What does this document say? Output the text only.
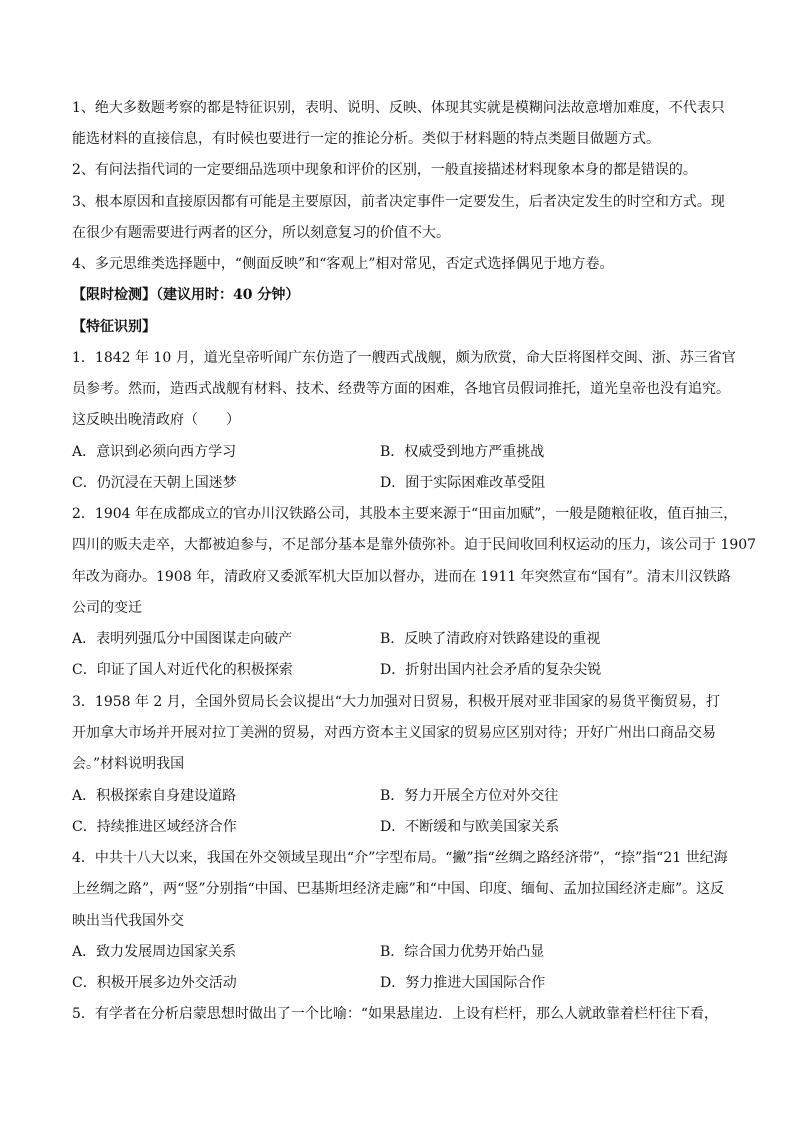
1、绝大多数题考察的都是特征识别，表明、说明、反映、体现其实就是模糊问法故意增加难度，不代表只
能选材料的直接信息，有时候也要进行一定的推论分析。类似于材料题的特点类题目做题方式。
2、有问法指代词的一定要细品选项中现象和评价的区别，一般直接描述材料现象本身的都是错误的。
3、根本原因和直接原因都有可能是主要原因，前者决定事件一定要发生，后者决定发生的时空和方式。现
在很少有题需要进行两者的区分，所以刻意复习的价值不大。
4、多元思维类选择题中，“侧面反映”和“客观上”相对常见，否定式选择偶见于地方卷。
【限时检测】（建议用时：40 分钟）
【特征识别】
1．1842 年 10 月，道光皇帝听闻广东仿造了一艘西式战舰，颇为欣赏，命大臣将图样交闽、浙、苏三省官
员参考。然而，造西式战舰有材料、技术、经费等方面的困难，各地官员假词推托，道光皇帝也没有追究。
这反映出晚清政府（　　）
A．意识到必须向西方学习	B．权威受到地方严重挑战
C．仍沉浸在天朝上国迷梦	D．囿于实际困难改革受阻
2．1904 年在成都成立的官办川汉铁路公司，其股本主要来源于“田亩加赋”，一般是随粮征收，值百抽三，
四川的贩夫走卒，大都被迫参与，不足部分基本是靠外债弥补。迫于民间收回利权运动的压力，该公司于 1907
年改为商办。1908 年，清政府又委派军机大臣加以督办，进而在 1911 年突然宣布“国有”。清末川汉铁路
公司的变迁
A．表明列强瓜分中国图谋走向破产	B．反映了清政府对铁路建设的重视
C．印证了国人对近代化的积极探索	D．折射出国内社会矛盾的复杂尖锐
3．1958 年 2 月，全国外贸局长会议提出“大力加强对日贸易，积极开展对亚非国家的易货平衡贸易，打
开加拿大市场并开展对拉丁美洲的贸易，对西方资本主义国家的贸易应区别对待；开好广州出口商品交易
会。”材料说明我国
A．积极探索自身建设道路	B．努力开展全方位对外交往
C．持续推进区域经济合作	D．不断缓和与欧美国家关系
4．中共十八大以来，我国在外交领域呈现出“介”字型布局。“撇”指“丝绸之路经济带”，“捺”指“21 世纪海
上丝绸之路”，两“竖”分别指“中国、巴基斯坦经济走廊”和“中国、印度、缅甸、孟加拉国经济走廊”。这反
映出当代我国外交
A．致力发展周边国家关系	B．综合国力优势开始凸显
C．积极开展多边外交活动	D．努力推进大国国际合作
5．有学者在分析启蒙思想时做出了一个比喻：“如果悬崖边．上设有栏杆，那么人就敢靠着栏杆往下看，
